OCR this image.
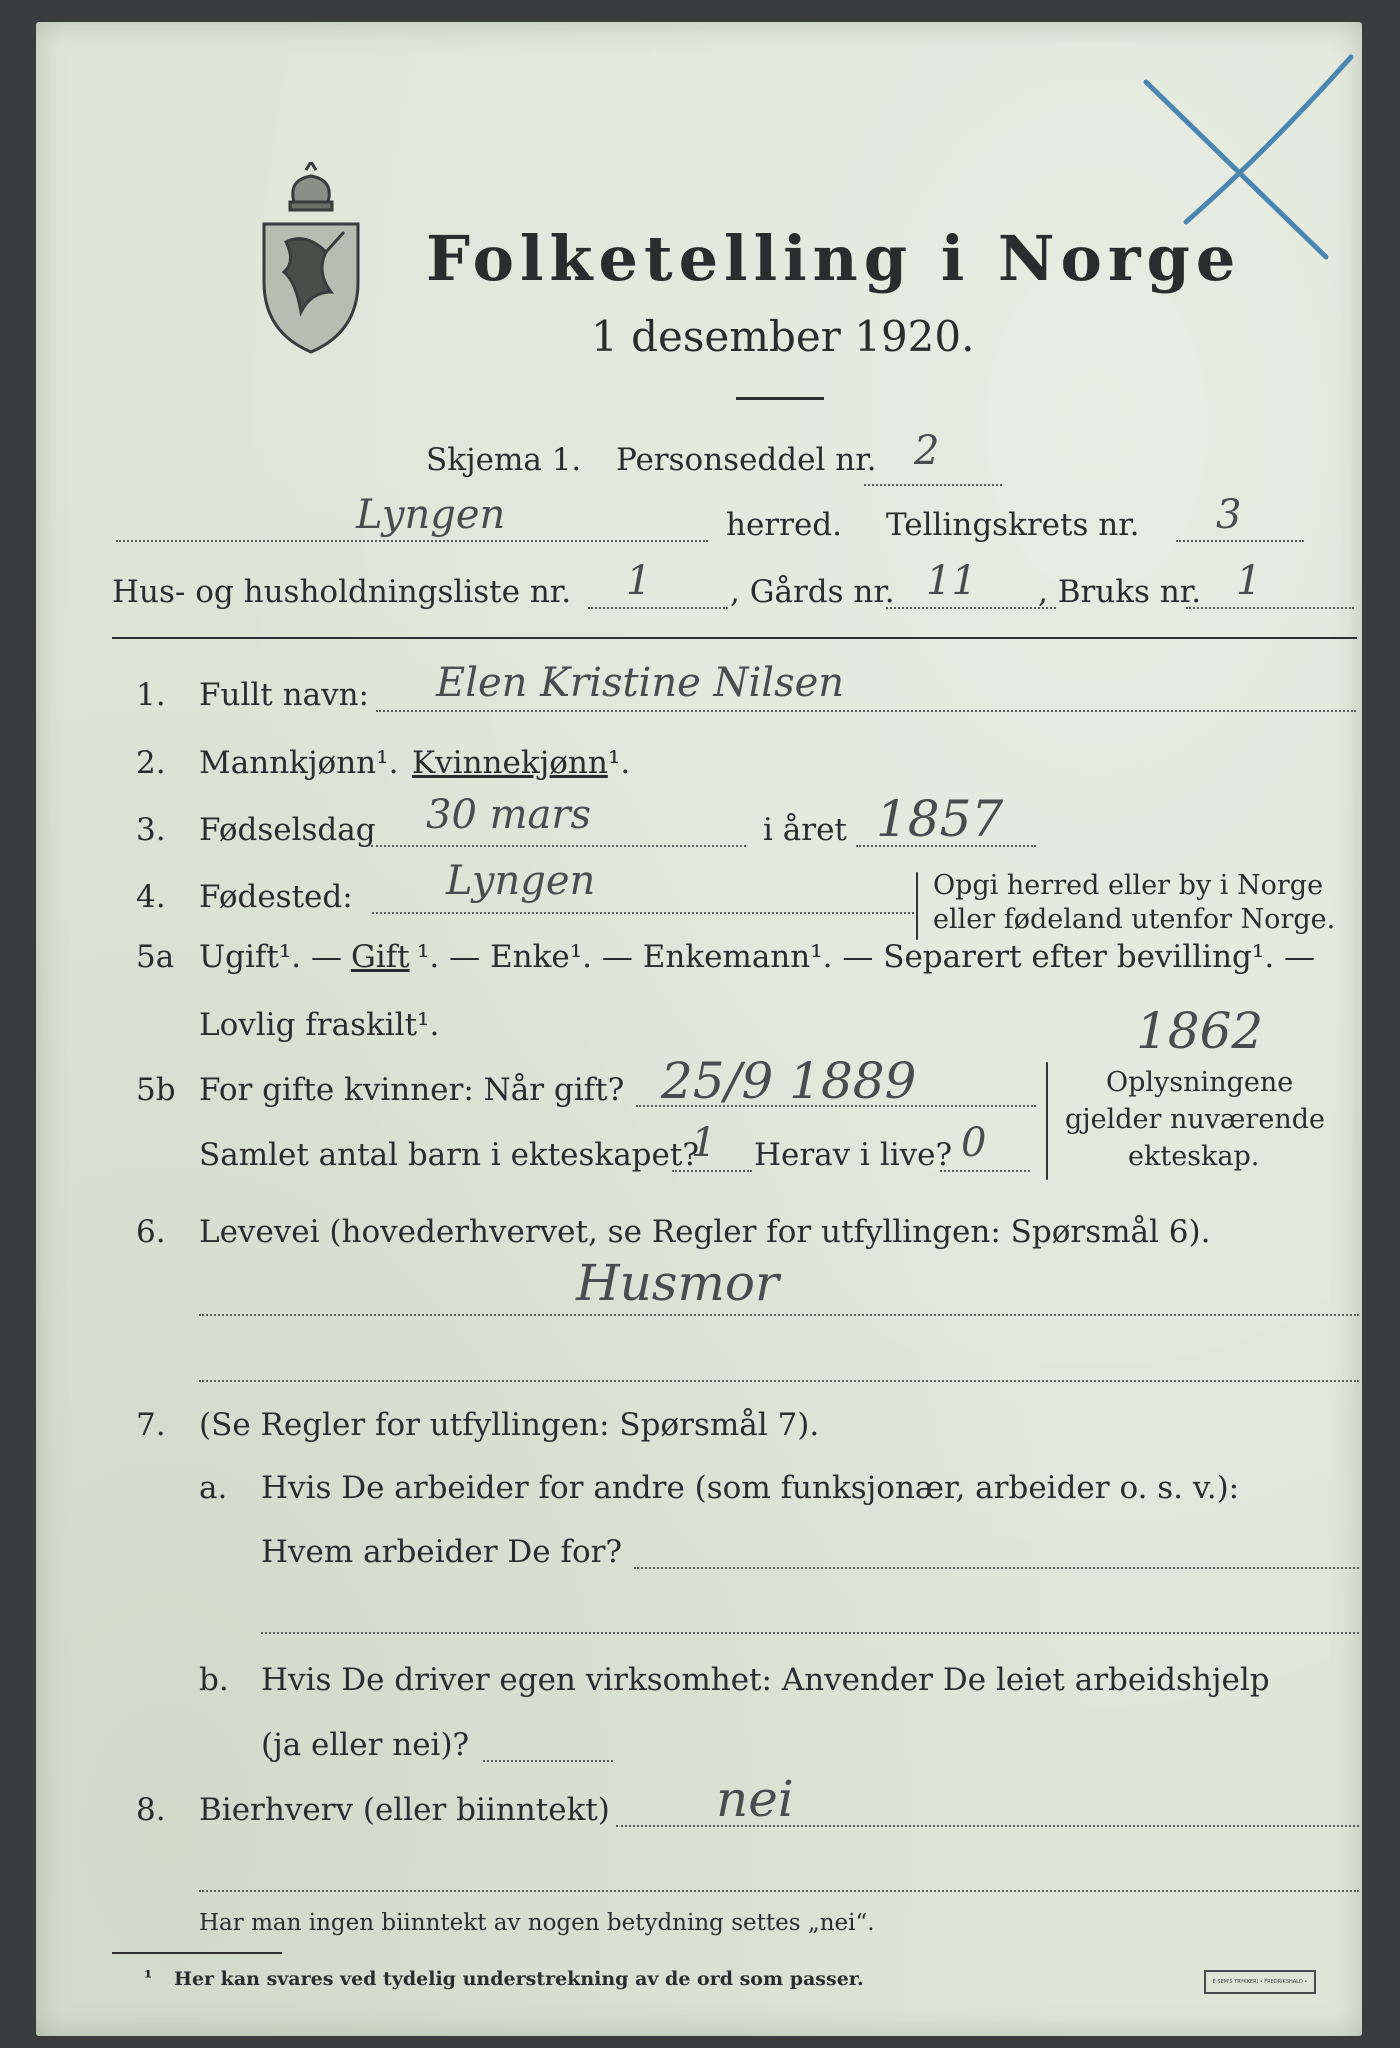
Folketelling i Norge
1 desember 1920.
Skjema 1. Personseddel nr. 2
Lyngen	herred. Tellingskrets nr. 3
Hus- og husholdningsliste nr. 1	, Gårds nr. 11 , Bruks nr. 1
1. Fullt navn: Elen Kristine Nilsen
2. Mannkjønn¹. Kvinnekjønn ¹.
3. Fødselsdag 30 mars	i året 1857
4. Fødested: Lyngen	Opgi herred eller by i Norge
eller fødeland utenfor Norge.
5a Ugift¹. — Gift ¹. — Enke¹. — Enkemann¹. — Separert efter bevilling¹. —
Lovlig fraskilt¹.	1862
5b For gifte kvinner: Når gift? 25/9 1889
Samlet antal barn i ekteskapet?
1 Herav i live? 0
Oplysningene
gjelder nuværende
ekteskap.
6. Levevei (hovederhvervet, se Regler for utfyllingen: Spørsmål 6).
Husmor
7. (Se Regler for utfyllingen: Spørsmål 7).
a. Hvis De arbeider for andre (som funksjonær, arbeider o. s. v.):
Hvem arbeider De for?
b. Hvis De driver egen virksomhet: Anvender De leiet arbeidshjelp
(ja eller nei)?
8. Bierhverv (eller biinntekt) nei
Har man ingen biinntekt av nogen betydning settes „nei“.
¹ Her kan svares ved tydelig understrekning av de ord som passer.	E.SEM'S TRYKKERI • FREDRIKSHALD •
